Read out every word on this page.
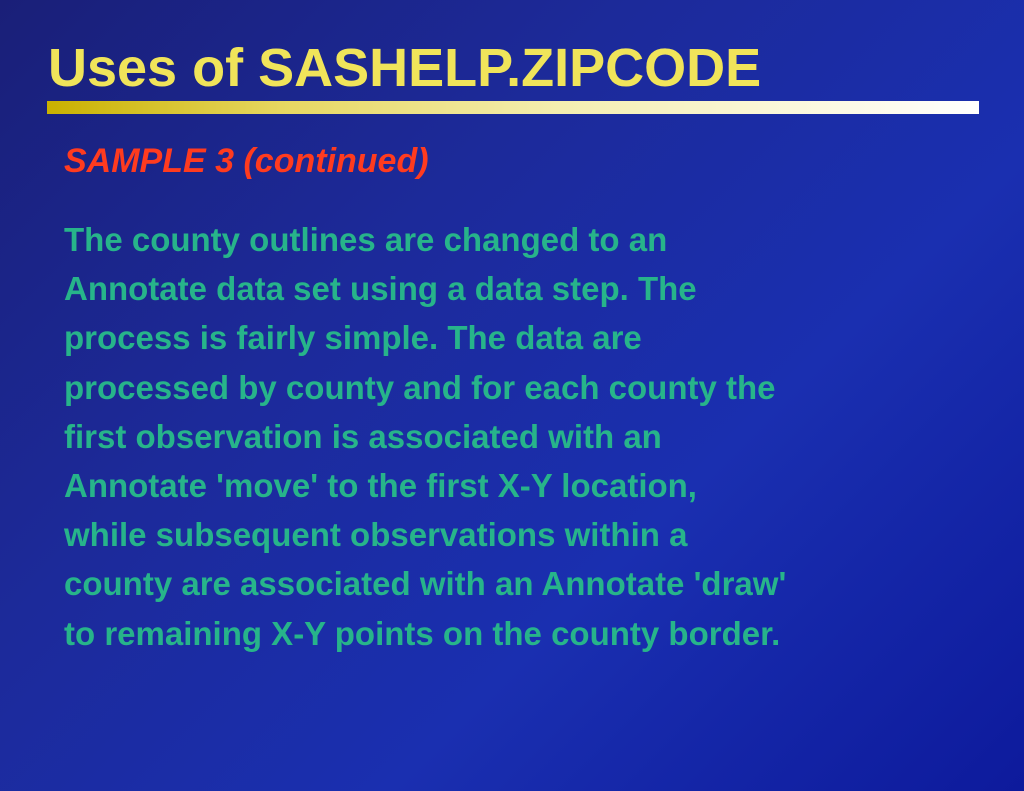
Uses of SASHELP.ZIPCODE
SAMPLE 3 (continued)

The county outlines are changed to an
Annotate data set using a data step. The
process is fairly simple. The data are
processed by county and for each county the
first observation is associated with an
Annotate 'move' to the first X-Y location,
while subsequent observations within a
county are associated with an Annotate 'draw'
to remaining X-Y points on the county border.
